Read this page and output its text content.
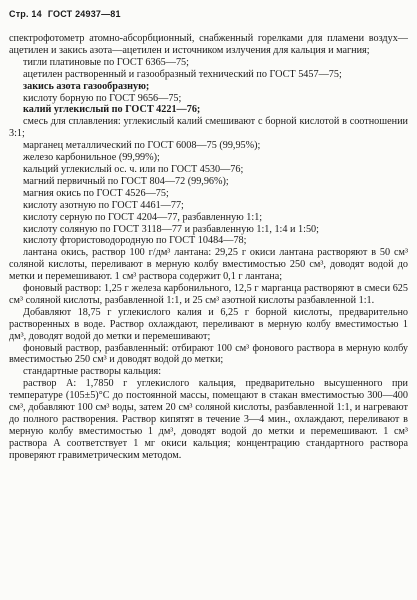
Стр. 14 ГОСТ 24937—81

спектрофотометр атомно-абсорбционный, снабженный горелками для пламени воздух—ацетилен и закись азота—ацетилен и источником излучения для кальция и магния;

тигли платиновые по ГОСТ 6365—75;

ацетилен растворенный и газообразный технический по ГОСТ 5457—75;

закись азота газообразную;

кислоту борную по ГОСТ 9656—75;

калий углекислый по ГОСТ 4221—76;

смесь для сплавления: углекислый калий смешивают с борной кислотой в соотношении 3:1;

марганец металлический по ГОСТ 6008—75 (99,95%);

железо карбонильное (99,99%);

кальций углекислый ос. ч. или по ГОСТ 4530—76;

магний первичный по ГОСТ 804—72 (99,96%);

магния окись по ГОСТ 4526—75;

кислоту азотную по ГОСТ 4461—77;

кислоту серную по ГОСТ 4204—77, разбавленную 1:1;

кислоту соляную по ГОСТ 3118—77 и разбавленную 1:1, 1:4 и 1:50;

кислоту фтористоводородную по ГОСТ 10484—78;

лантана окись, раствор 100 г/дм³ лантана: 29,25 г окиси лантана растворяют в 50 см³ соляной кислоты, переливают в мерную колбу вместимостью 250 см³, доводят водой до метки и перемешивают. 1 см³ раствора содержит 0,1 г лантана;

фоновый раствор: 1,25 г железа карбонильного, 12,5 г марганца растворяют в смеси 625 см³ соляной кислоты, разбавленной 1:1, и 25 см³ азотной кислоты разбавленной 1:1.

Добавляют 18,75 г углекислого калия и 6,25 г борной кислоты, предварительно растворенных в воде. Раствор охлаждают, переливают в мерную колбу вместимостью 1 дм³, доводят водой до метки и перемешивают;

фоновый раствор, разбавленный: отбирают 100 см³ фонового раствора в мерную колбу вместимостью 250 см³ и доводят водой до метки;

стандартные растворы кальция:

раствор А: 1,7850 г углекислого кальция, предварительно высушенного при температуре (105±5)°С до постоянной массы, помещают в стакан вместимостью 300—400 см³, добавляют 100 см³ воды, затем 20 см³ соляной кислоты, разбавленной 1:1, и нагревают до полного растворения. Раствор кипятят в течение 3—4 мин., охлаждают, переливают в мерную колбу вместимостью 1 дм³, доводят водой до метки и перемешивают. 1 см³ раствора А соответствует 1 мг окиси кальция; концентрацию стандартного раствора проверяют гравиметрическим методом.
